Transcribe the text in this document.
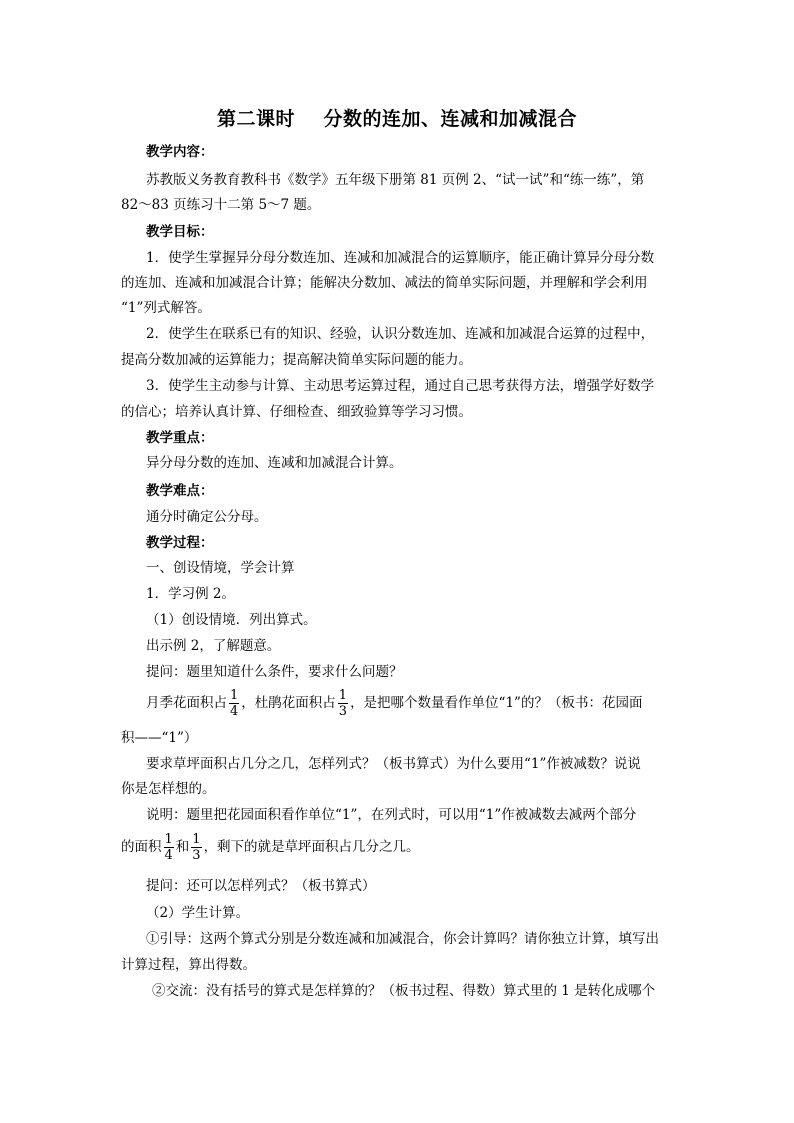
第二课时    分数的连加、连减和加减混合
教学内容：
苏教版义务教育教科书《数学》五年级下册第 81 页例 2、“试一试”和“练一练”，第
82～83 页练习十二第 5～7 题。
教学目标：
1．使学生掌握异分母分数连加、连减和加减混合的运算顺序，能正确计算异分母分数
的连加、连减和加减混合计算；能解决分数加、减法的简单实际问题，并理解和学会利用
“1”列式解答。
2．使学生在联系已有的知识、经验，认识分数连加、连减和加减混合运算的过程中，
提高分数加减的运算能力；提高解决简单实际问题的能力。
3．使学生主动参与计算、主动思考运算过程，通过自己思考获得方法，增强学好数学
的信心；培养认真计算、仔细检查、细致验算等学习习惯。
教学重点：
异分母分数的连加、连减和加减混合计算。
教学难点：
通分时确定公分母。
教学过程：
一、创设情境，学会计算
1．学习例 2。
（1）创设情境．列出算式。
出示例 2，了解题意。
提问：题里知道什么条件，要求什么问题？
月季花面积占 $\frac{1}{4}$ ，杜鹃花面积占 $\frac{1}{3}$ ，是把哪个数量看作单位“1”的？（板书：花园面
积——“1”）
要求草坪面积占几分之几，怎样列式？（板书算式）为什么要用“1”作被减数？说说
你是怎样想的。
说明：题里把花园面积看作单位“1”，在列式时，可以用“1”作被减数去减两个部分
的面积 $\frac{1}{4}$ 和 $\frac{1}{3}$ ，剩下的就是草坪面积占几分之几。
提问：还可以怎样列式？（板书算式）
（2）学生计算。
①引导：这两个算式分别是分数连减和加减混合，你会计算吗？请你独立计算，填写出
计算过程，算出得数。
②交流：没有括号的算式是怎样算的？（板书过程、得数）算式里的 1 是转化成哪个
